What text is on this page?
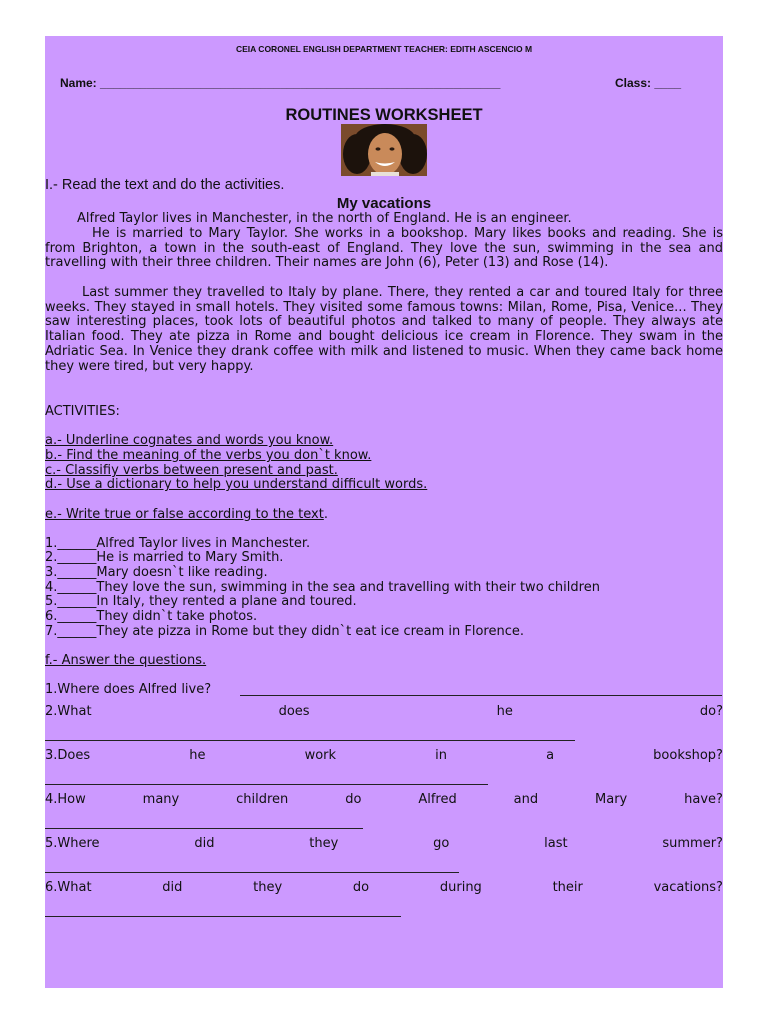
CEIA CORONEL ENGLISH DEPARTMENT TEACHER: EDITH ASCENCIO M
Name: ____________________________________________________________	Class: ____
ROUTINES WORKSHEET
I.- Read the text and do the activities.
My vacations
Alfred Taylor lives in Manchester, in the north of England. He is an engineer.
He is married to Mary Taylor. She works in a bookshop. Mary likes books and reading. She is from Brighton, a town in the south-east of England. They love the sun, swimming in the sea and travelling with their three children. Their names are John (6), Peter (13) and Rose (14).
Last summer they travelled to Italy by plane. There, they rented a car and toured Italy for three weeks. They stayed in small hotels. They visited some famous towns: Milan, Rome, Pisa, Venice... They saw interesting places, took lots of beautiful photos and talked to many of people. They always ate Italian food. They ate pizza in Rome and bought delicious ice cream in Florence. They swam in the Adriatic Sea. In Venice they drank coffee with milk and listened to music. When they came back home they were tired, but very happy.
ACTIVITIES:
a.- Underline cognates and words you know.
b.- Find the meaning of the verbs you don`t know.
c.- Classifiy verbs between present and past.
d.- Use a dictionary to help you understand difficult words.
e.- Write true or false according to the text.
1.______Alfred Taylor lives in Manchester.
2.______He is married to Mary Smith.
3.______Mary doesn`t like reading.
4.______They love the sun, swimming in the sea and travelling with their two children
5.______In Italy, they rented a plane and toured.
6.______They didn`t take photos.
7.______They ate pizza in Rome but they didn`t eat ice cream in Florence.
f.- Answer the questions.
1.Where does Alfred live?
2.What	does	he	do?
3.Does	he	work	in	a	bookshop?
4.How	many	children	do	Alfred	and	Mary	have?
5.Where	did	they	go	last	summer?
6.What	did	they	do	during	their	vacations?
